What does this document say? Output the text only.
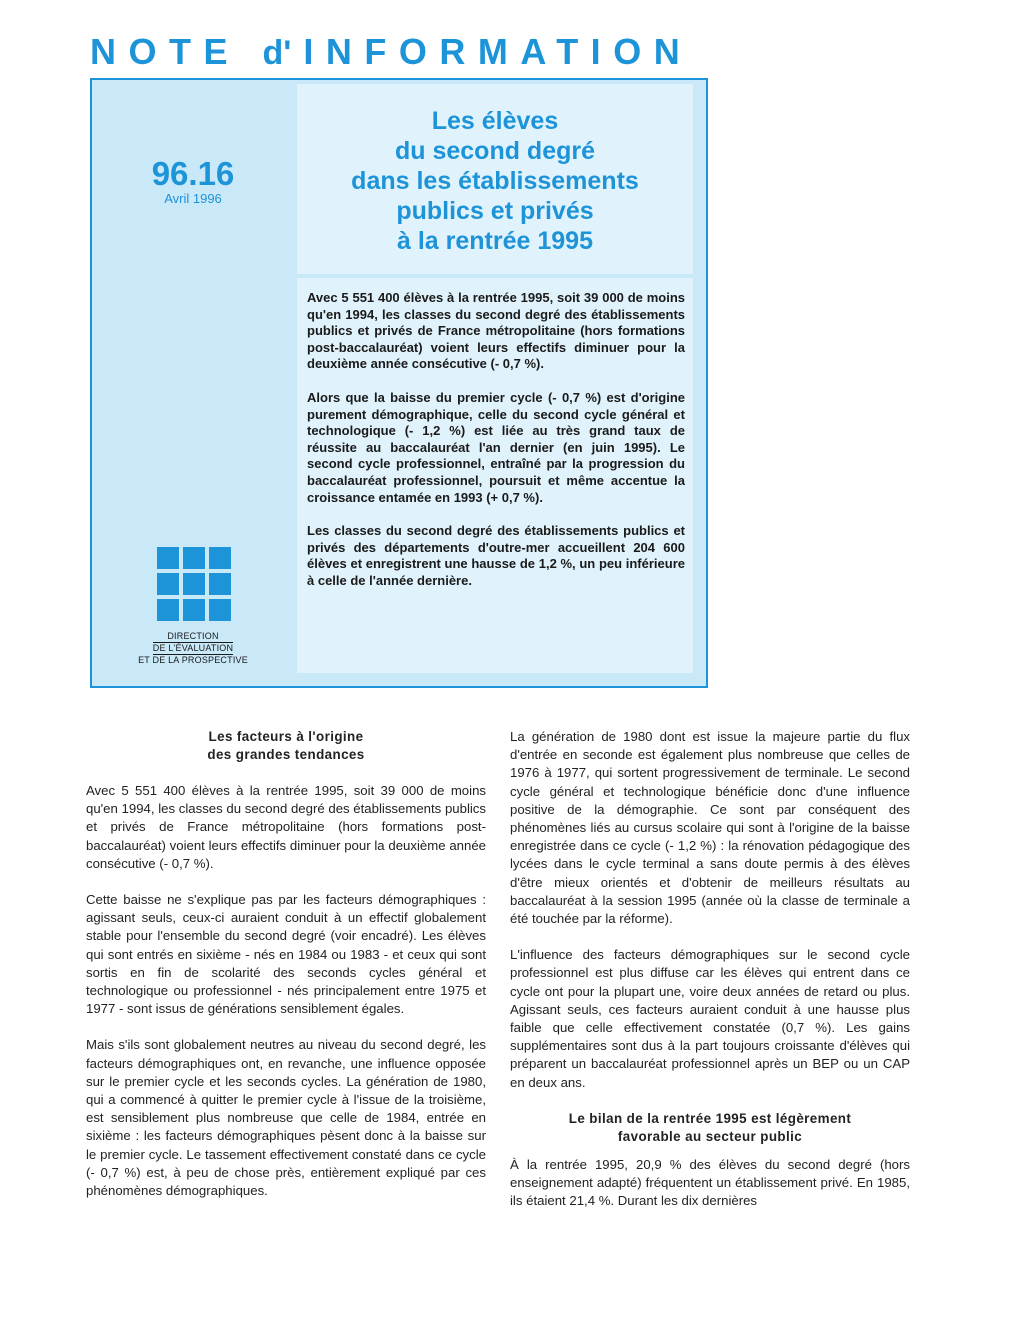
NOTE d' INFORMATION
96.16
Avril 1996
Les élèves
du second degré
dans les établissements
publics et privés
à la rentrée 1995

Avec 5 551 400 élèves à la rentrée 1995, soit 39 000 de moins qu'en 1994, les classes du second degré des établissements publics et privés de France métropolitaine (hors formations post-baccalauréat) voient leurs effectifs diminuer pour la deuxième année consécutive (- 0,7 %).

Alors que la baisse du premier cycle (- 0,7 %) est d'origine purement démographique, celle du second cycle général et technologique (- 1,2 %) est liée au très grand taux de réussite au baccalauréat l'an dernier (en juin 1995). Le second cycle professionnel, entraîné par la progression du baccalauréat professionnel, poursuit et même accentue la croissance entamée en 1993 (+ 0,7 %).

Les classes du second degré des établissements publics et privés des départements d'outre-mer accueillent 204 600 élèves et enregistrent une hausse de 1,2 %, un peu inférieure à celle de l'année dernière.

DIRECTION
DE L'ÉVALUATION
ET DE LA PROSPECTIVE
Les facteurs à l'origine
des grandes tendances

Avec 5 551 400 élèves à la rentrée 1995, soit 39 000 de moins qu'en 1994, les classes du second degré des établissements publics et privés de France métropolitaine (hors formations post-baccalauréat) voient leurs effectifs diminuer pour la deuxième année consécutive (- 0,7 %).

Cette baisse ne s'explique pas par les facteurs démographiques : agissant seuls, ceux-ci auraient conduit à un effectif globalement stable pour l'ensemble du second degré (voir encadré). Les élèves qui sont entrés en sixième - nés en 1984 ou 1983 - et ceux qui sont sortis en fin de scolarité des seconds cycles général et technologique ou professionnel - nés principalement entre 1975 et 1977 - sont issus de générations sensiblement égales.

Mais s'ils sont globalement neutres au niveau du second degré, les facteurs démographiques ont, en revanche, une influence opposée sur le premier cycle et les seconds cycles. La génération de 1980, qui a commencé à quitter le premier cycle à l'issue de la troisième, est sensiblement plus nombreuse que celle de 1984, entrée en sixième : les facteurs démographiques pèsent donc à la baisse sur le premier cycle. Le tassement effectivement constaté dans ce cycle (- 0,7 %) est, à peu de chose près, entièrement expliqué par ces phénomènes démographiques.

La génération de 1980 dont est issue la majeure partie du flux d'entrée en seconde est également plus nombreuse que celles de 1976 à 1977, qui sortent progressivement de terminale. Le second cycle général et technologique bénéficie donc d'une influence positive de la démographie. Ce sont par conséquent des phénomènes liés au cursus scolaire qui sont à l'origine de la baisse enregistrée dans ce cycle (- 1,2 %) : la rénovation pédagogique des lycées dans le cycle terminal a sans doute permis à des élèves d'être mieux orientés et d'obtenir de meilleurs résultats au baccalauréat à la session 1995 (année où la classe de terminale a été touchée par la réforme).

L'influence des facteurs démographiques sur le second cycle professionnel est plus diffuse car les élèves qui entrent dans ce cycle ont pour la plupart une, voire deux années de retard ou plus. Agissant seuls, ces facteurs auraient conduit à une hausse plus faible que celle effectivement constatée (0,7 %). Les gains supplémentaires sont dus à la part toujours croissante d'élèves qui préparent un baccalauréat professionnel après un BEP ou un CAP en deux ans.

Le bilan de la rentrée 1995 est légèrement
favorable au secteur public

À la rentrée 1995, 20,9 % des élèves du second degré (hors enseignement adapté) fréquentent un établissement privé. En 1985, ils étaient 21,4 %. Durant les dix dernières
